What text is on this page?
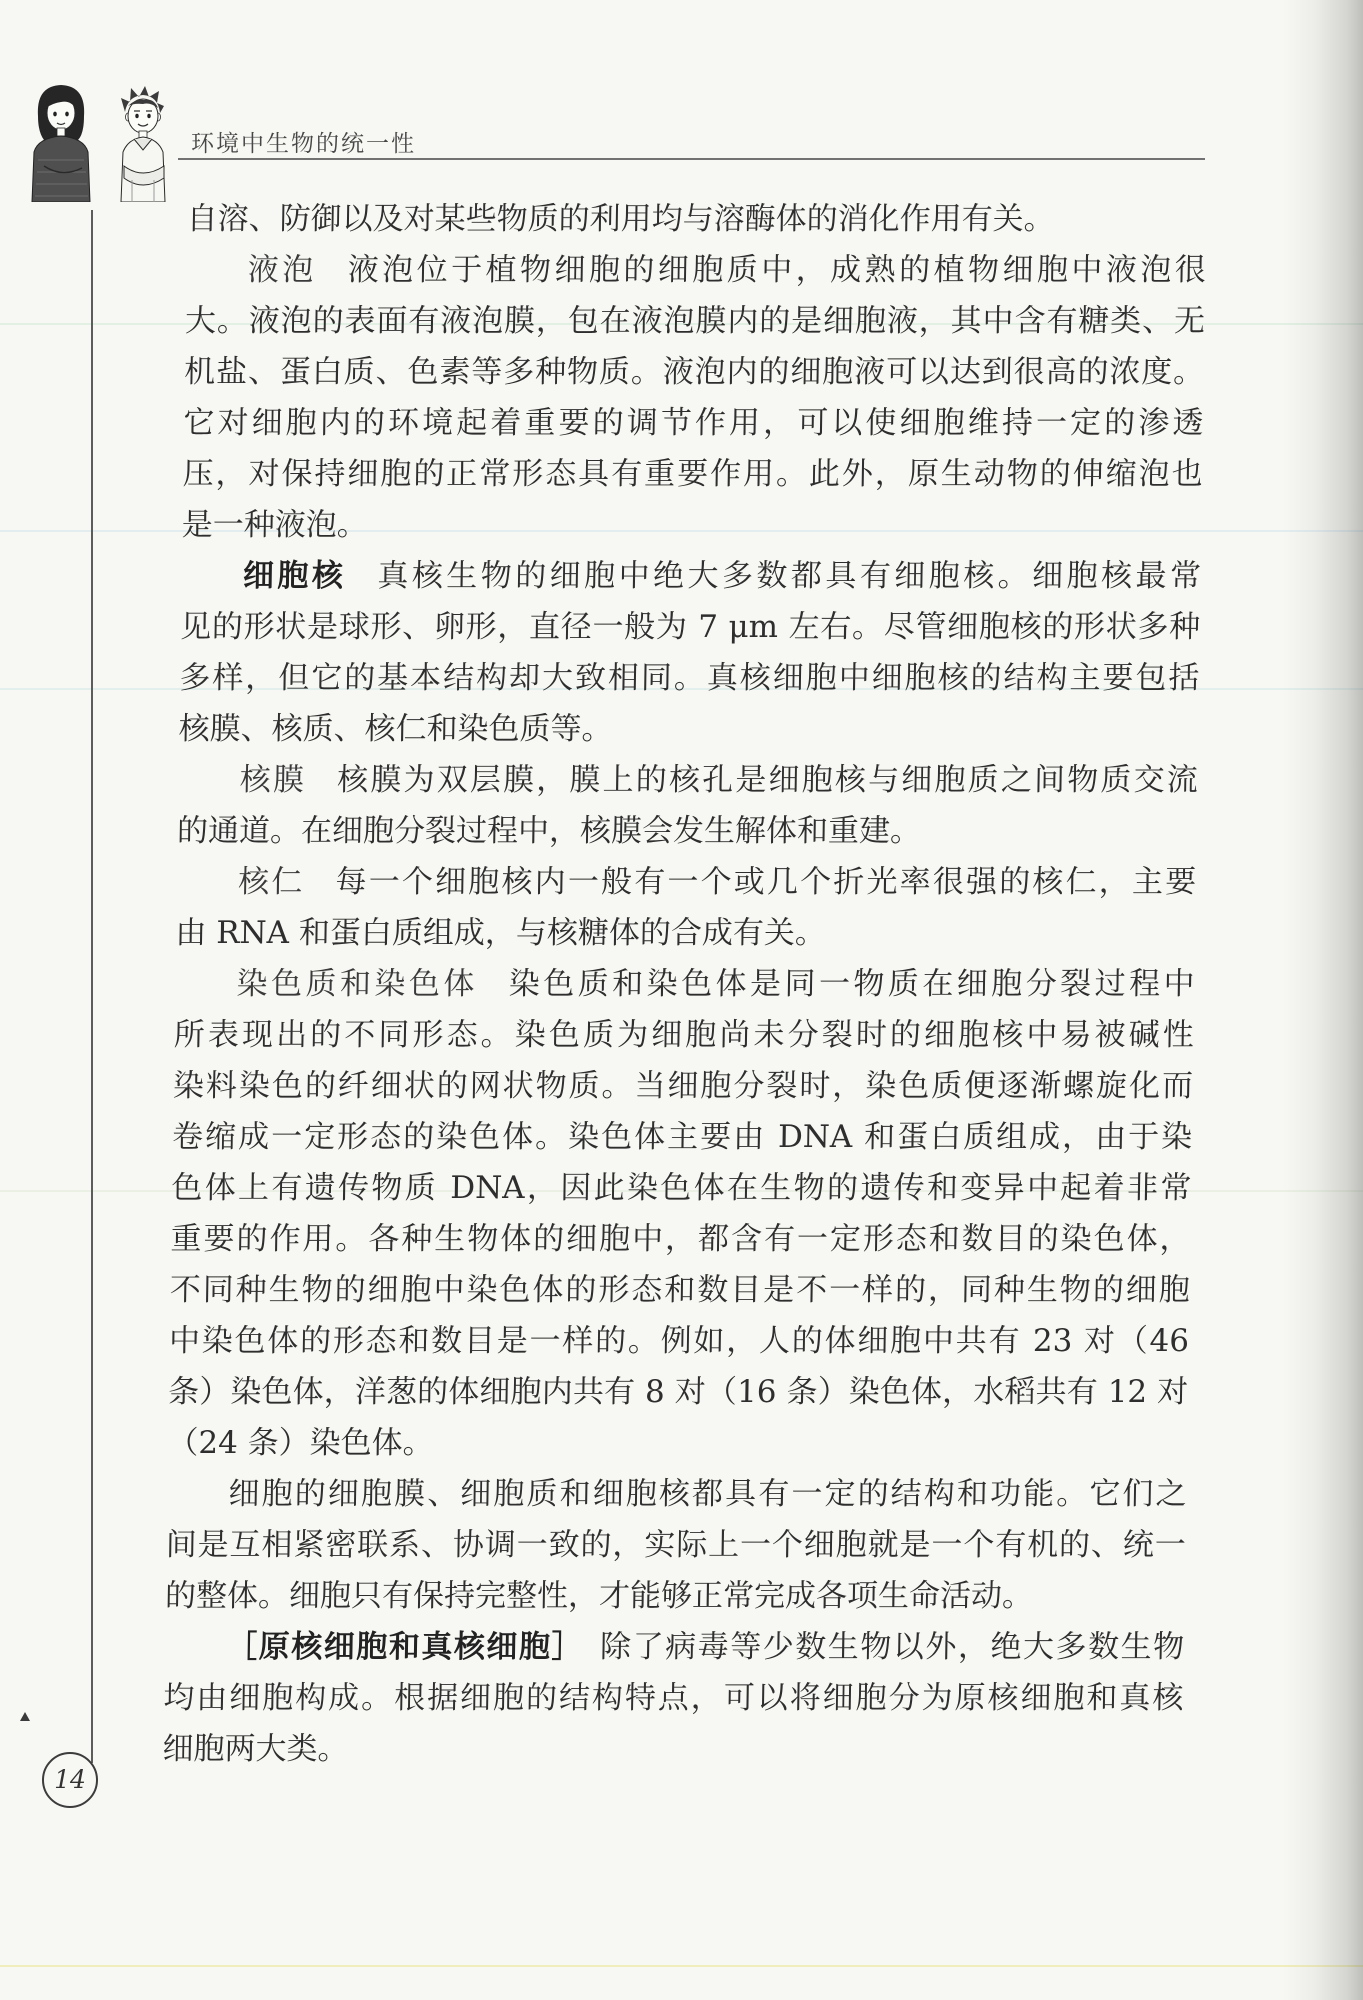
环境中生物的统一性
14
自溶、防御以及对某些物质的利用均与溶酶体的消化作用有关。
液泡 液泡位于植物细胞的细胞质中，成熟的植物细胞中液泡很
大。液泡的表面有液泡膜，包在液泡膜内的是细胞液，其中含有糖类、无
机盐、蛋白质、色素等多种物质。液泡内的细胞液可以达到很高的浓度。
它对细胞内的环境起着重要的调节作用，可以使细胞维持一定的渗透
压，对保持细胞的正常形态具有重要作用。此外，原生动物的伸缩泡也
是一种液泡。
细胞核 真核生物的细胞中绝大多数都具有细胞核。细胞核最常
见的形状是球形、卵形，直径一般为 7 μm 左右。尽管细胞核的形状多种
多样，但它的基本结构却大致相同。真核细胞中细胞核的结构主要包括
核膜、核质、核仁和染色质等。
核膜 核膜为双层膜，膜上的核孔是细胞核与细胞质之间物质交流
的通道。在细胞分裂过程中，核膜会发生解体和重建。
核仁 每一个细胞核内一般有一个或几个折光率很强的核仁，主要
由 RNA 和蛋白质组成，与核糖体的合成有关。
染色质和染色体 染色质和染色体是同一物质在细胞分裂过程中
所表现出的不同形态。染色质为细胞尚未分裂时的细胞核中易被碱性
染料染色的纤细状的网状物质。当细胞分裂时，染色质便逐渐螺旋化而
卷缩成一定形态的染色体。染色体主要由 DNA 和蛋白质组成，由于染
色体上有遗传物质 DNA，因此染色体在生物的遗传和变异中起着非常
重要的作用。各种生物体的细胞中，都含有一定形态和数目的染色体，
不同种生物的细胞中染色体的形态和数目是不一样的，同种生物的细胞
中染色体的形态和数目是一样的。例如，人的体细胞中共有 23 对（46
条）染色体，洋葱的体细胞内共有 8 对（16 条）染色体，水稻共有 12 对
（24 条）染色体。
细胞的细胞膜、细胞质和细胞核都具有一定的结构和功能。它们之
间是互相紧密联系、协调一致的，实际上一个细胞就是一个有机的、统一
的整体。细胞只有保持完整性，才能够正常完成各项生命活动。
［原核细胞和真核细胞］ 除了病毒等少数生物以外，绝大多数生物
均由细胞构成。根据细胞的结构特点，可以将细胞分为原核细胞和真核
细胞两大类。
